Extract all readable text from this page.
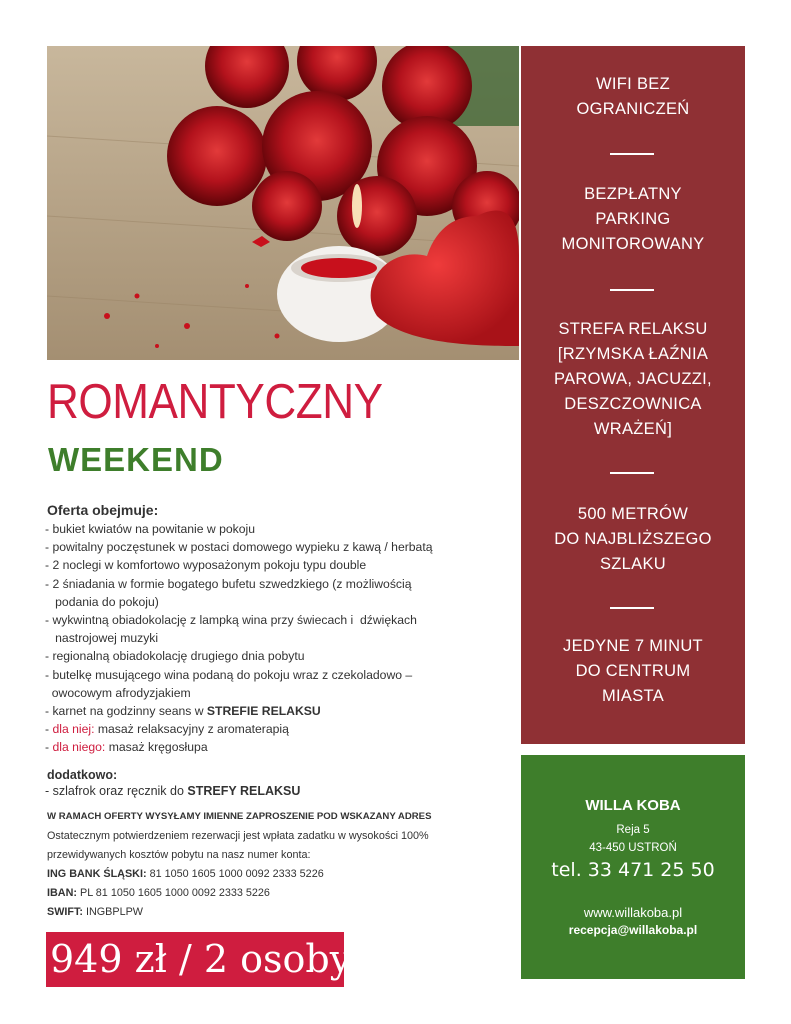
WIFI BEZ
OGRANICZEŃ
BEZPŁATNY
PARKING
MONITOROWANY
STREFA RELAKSU
[RZYMSKA ŁAŹNIA
PAROWA, JACUZZI,
DESZCZOWNICA
WRAŻEŃ]
500 METRÓW
DO NAJBLIŻSZEGO
SZLAKU
JEDYNE 7 MINUT
DO CENTRUM
MIASTA
WILLA KOBA
Reja 5
43-450 USTROŃ
tel. 33 471 25 50
www.willakoba.pl
recepcja@willakoba.pl
ROMANTYCZNY
WEEKEND
Oferta obejmuje:
- bukiet kwiatów na powitanie w pokoju
- powitalny poczęstunek w postaci domowego wypieku z kawą / herbatą
- 2 noclegi w komfortowo wyposażonym pokoju typu double
- 2 śniadania w formie bogatego bufetu szwedzkiego (z możliwością
podania do pokoju)
- wykwintną obiadokolację z lampką wina przy świecach i  dźwiękach
nastrojowej muzyki
- regionalną obiadokolację drugiego dnia pobytu
- butelkę musującego wina podaną do pokoju wraz z czekoladowo –
owocowym afrodyzjakiem
- karnet na godzinny seans w STREFIE RELAKSU
- dla niej: masaż relaksacyjny z aromaterapią
- dla niego: masaż kręgosłupa
dodatkowo:
- szlafrok oraz ręcznik do STREFY RELAKSU
W RAMACH OFERTY WYSYŁAMY IMIENNE ZAPROSZENIE POD WSKAZANY ADRES
Ostatecznym potwierdzeniem rezerwacji jest wpłata zadatku w wysokości 100%
przewidywanych kosztów pobytu na nasz numer konta:
ING BANK ŚLĄSKI: 81 1050 1605 1000 0092 2333 5226
IBAN: PL 81 1050 1605 1000 0092 2333 5226
SWIFT: INGBPLPW
949 zł / 2 osoby
